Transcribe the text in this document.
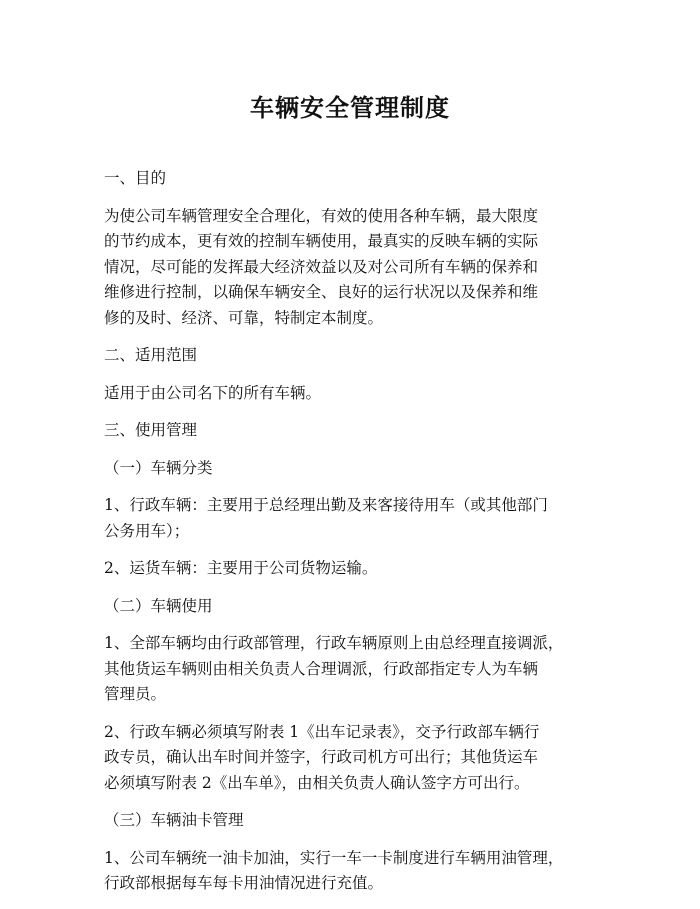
车辆安全管理制度

一、目的

为使公司车辆管理安全合理化，有效的使用各种车辆，最大限度
的节约成本，更有效的控制车辆使用，最真实的反映车辆的实际
情况，尽可能的发挥最大经济效益以及对公司所有车辆的保养和
维修进行控制，以确保车辆安全、良好的运行状况以及保养和维
修的及时、经济、可靠，特制定本制度。

二、适用范围

适用于由公司名下的所有车辆。

三、使用管理

（一）车辆分类

1、行政车辆：主要用于总经理出勤及来客接待用车（或其他部门
公务用车）；

2、运货车辆：主要用于公司货物运输。

（二）车辆使用

1、全部车辆均由行政部管理，行政车辆原则上由总经理直接调派，
其他货运车辆则由相关负责人合理调派，行政部指定专人为车辆
管理员。

2、行政车辆必须填写附表 1《出车记录表》，交予行政部车辆行
政专员，确认出车时间并签字，行政司机方可出行；其他货运车
必须填写附表 2《出车单》，由相关负责人确认签字方可出行。

（三）车辆油卡管理

1、公司车辆统一油卡加油，实行一车一卡制度进行车辆用油管理，
行政部根据每车每卡用油情况进行充值。
